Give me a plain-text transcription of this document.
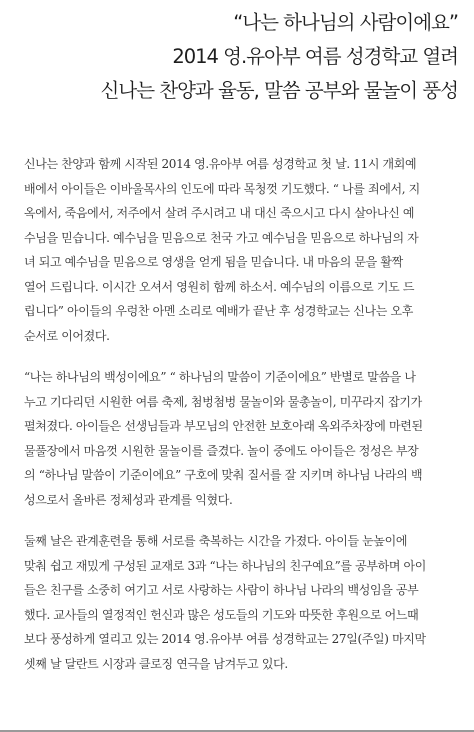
“나는 하나님의 사람이에요”
2014 영.유아부 여름 성경학교 열려
신나는 찬양과 율동, 말씀 공부와 물놀이 풍성

신나는 찬양과 함께 시작된 2014 영.유아부 여름 성경학교 첫 날. 11시 개회예
배에서 아이들은 이바울목사의 인도에 따라 목청껏 기도했다. “ 나를 죄에서, 지
옥에서, 죽음에서, 저주에서 살려 주시려고 내 대신 죽으시고 다시 살아나신 예
수님을 믿습니다. 예수님을 믿음으로 천국 가고 예수님을 믿음으로 하나님의 자
녀 되고 예수님을 믿음으로 영생을 얻게 됨을 믿습니다. 내 마음의 문을 활짝
열어 드립니다. 이시간 오셔서 영원히 함께 하소서. 예수님의 이름으로 기도 드
립니다” 아이들의 우렁찬 아멘 소리로 예배가 끝난 후 성경학교는 신나는 오후
순서로 이어졌다.

“나는 하나님의 백성이에요” “ 하나님의 말씀이 기준이에요” 반별로 말씀을 나
누고 기다리던 시원한 여름 축제, 첨벙첨벙 물놀이와 물총놀이, 미꾸라지 잡기가
펼쳐졌다. 아이들은 선생님들과 부모님의 안전한 보호아래 옥외주차장에 마련된
물풀장에서 마음껏 시원한 물놀이를 즐겼다. 놀이 중에도 아이들은 정성은 부장
의 “하나님 말씀이 기준이에요” 구호에 맞춰 질서를 잘 지키며 하나님 나라의 백
성으로서 올바른 정체성과 관계를 익혔다.

둘째 날은 관계훈련을 통해 서로를 축복하는 시간을 가졌다. 아이들 눈높이에
맞춰 쉽고 재밌게 구성된 교재로 3과 “나는 하나님의 친구예요”를 공부하며 아이
들은 친구를 소중히 여기고 서로 사랑하는 사람이 하나님 나라의 백성임을 공부
했다. 교사들의 열정적인 헌신과 많은 성도들의 기도와 따뜻한 후원으로 어느때
보다 풍성하게 열리고 있는 2014 영.유아부 여름 성경학교는 27일(주일) 마지막
셋째 날 달란트 시장과 클로징 연극을 남겨두고 있다.
